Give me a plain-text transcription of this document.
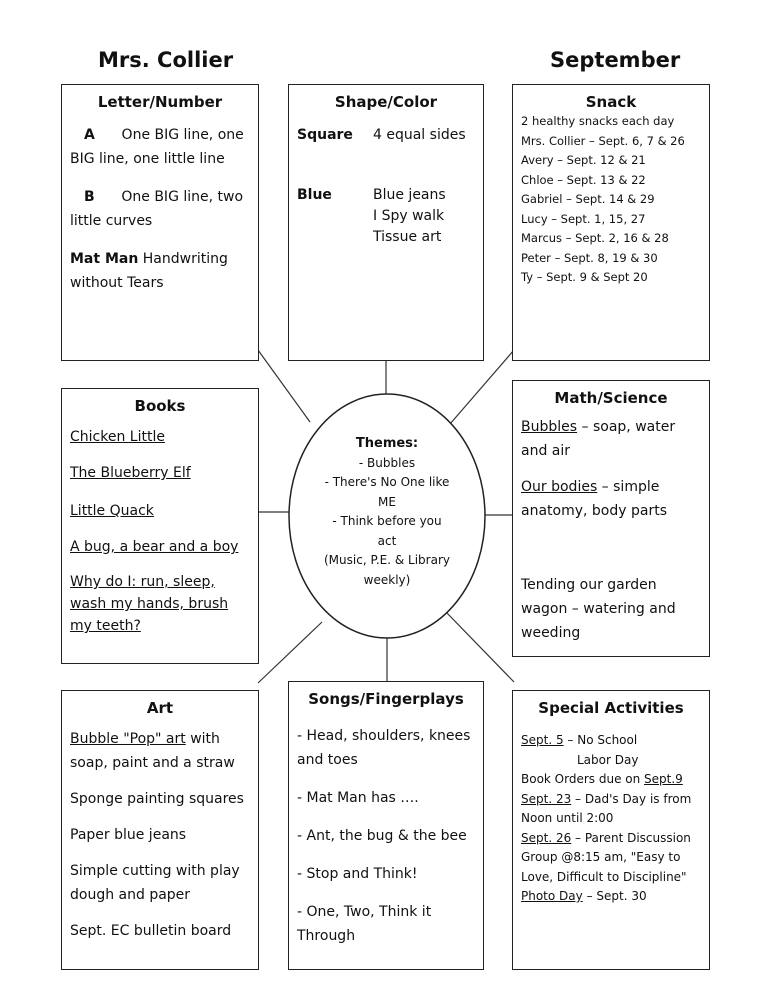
Mrs. Collier	September
Letter/Number
A One BIG line, one BIG line, one little line
B One BIG line, two little curves
Mat Man Handwriting without Tears
Shape/Color
Square	4 equal sides
Blue	Blue jeans
I Spy walk
Tissue art
Snack
2 healthy snacks each day
Mrs. Collier – Sept. 6, 7 & 26
Avery – Sept. 12 & 21
Chloe – Sept. 13 & 22
Gabriel – Sept. 14 & 29
Lucy – Sept. 1, 15, 27
Marcus – Sept. 2, 16 & 28
Peter – Sept. 8, 19 & 30
Ty – Sept. 9 & Sept 20
Books
Chicken Little
The Blueberry Elf
Little Quack
A bug, a bear and a boy
Why do I: run, sleep, wash my hands, brush my teeth?
Themes:
- Bubbles
- There's No One like ME
- Think before you act
(Music, P.E. & Library weekly)
Math/Science
Bubbles – soap, water and air
Our bodies – simple anatomy, body parts
Tending our garden wagon – watering and weeding
Art
Bubble "Pop" art with soap, paint and a straw
Sponge painting squares
Paper blue jeans
Simple cutting with play dough and paper
Sept. EC bulletin board
Songs/Fingerplays
- Head, shoulders, knees and toes
- Mat Man has ….
- Ant, the bug & the bee
- Stop and Think!
- One, Two, Think it Through
Special Activities
Sept. 5 – No School
Labor Day
Book Orders due on Sept.9
Sept. 23 – Dad's Day is from Noon until 2:00
Sept. 26 – Parent Discussion Group @8:15 am, "Easy to Love, Difficult to Discipline"
Photo Day – Sept. 30
